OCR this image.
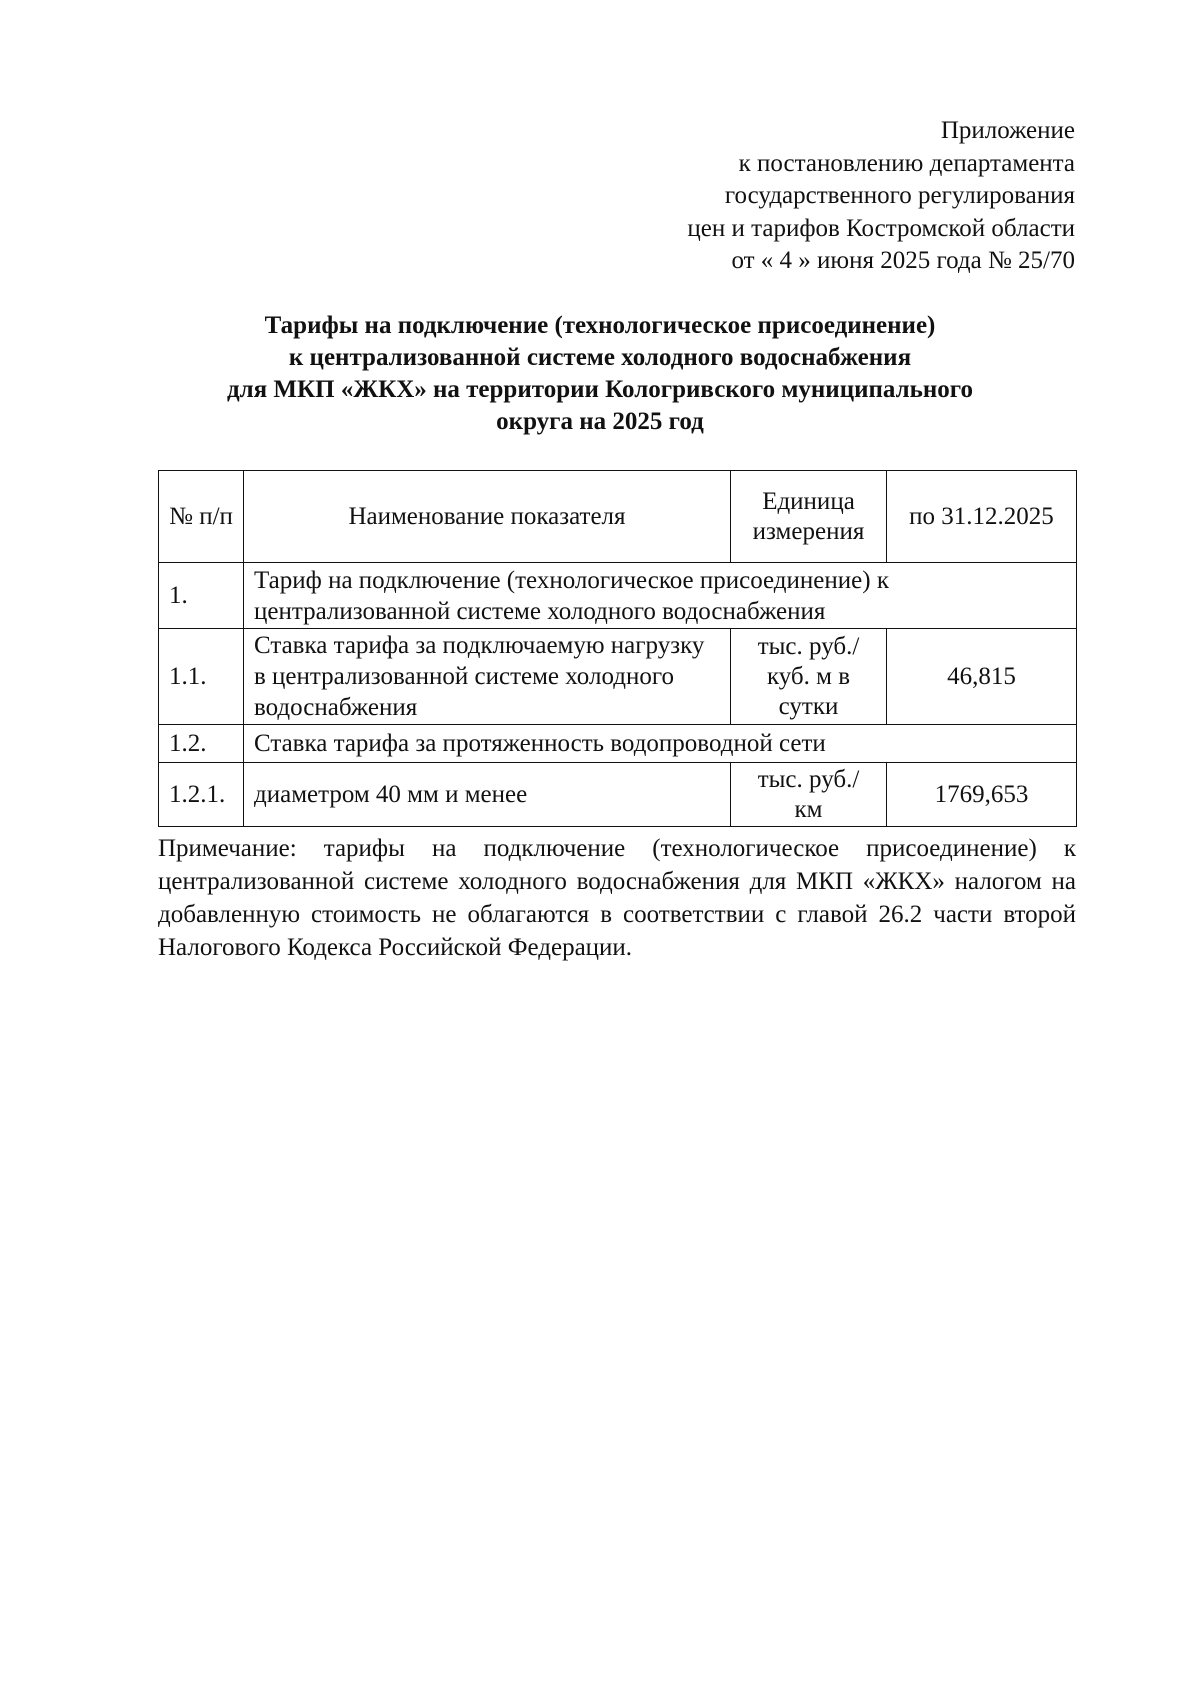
Приложение
к постановлению департамента
государственного регулирования
цен и тарифов Костромской области
от « 4 » июня 2025 года № 25/70
Тарифы на подключение (технологическое присоединение)
к централизованной системе холодного водоснабжения
для МКП «ЖКХ» на территории Кологривского муниципального
округа на 2025 год
№ п/п	Наименование показателя	Единица измерения	по 31.12.2025
1.	Тариф на подключение (технологическое присоединение) к централизованной системе холодного водоснабжения		
1.1.	Ставка тарифа за подключаемую нагрузку в централизованной системе холодного водоснабжения	тыс. руб./ куб. м в сутки	46,815
1.2.	Ставка тарифа за протяженность водопроводной сети		
1.2.1.	диаметром 40 мм и менее	тыс. руб./ км	1769,653
Примечание: тарифы на подключение (технологическое присоединение) к централизованной системе холодного водоснабжения для МКП «ЖКХ» налогом на добавленную стоимость не облагаются в соответствии с главой 26.2 части второй Налогового Кодекса Российской Федерации.
